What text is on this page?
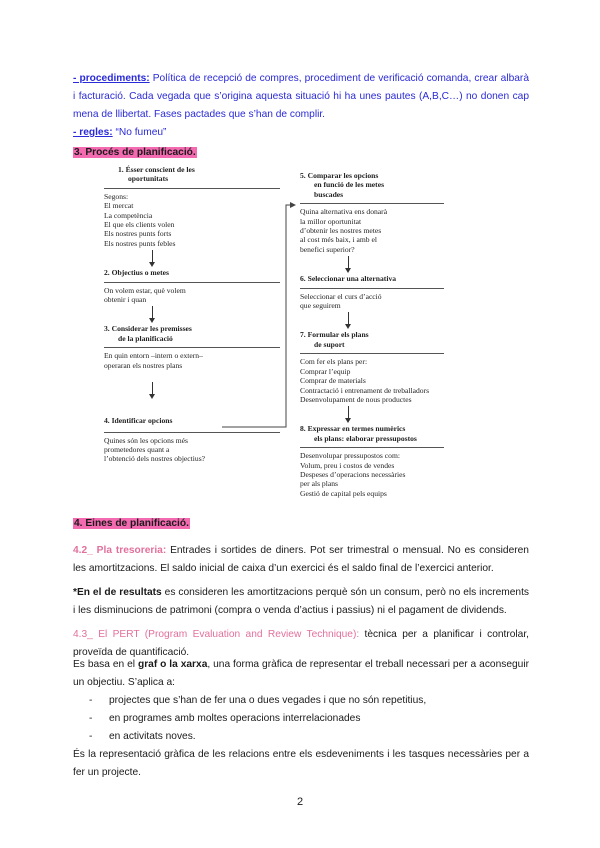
- procediments: Política de recepció de compres, procediment de verificació comanda, crear albarà i facturació. Cada vegada que s’origina aquesta situació hi ha unes pautes (A,B,C…) no donen cap mena de llibertat. Fases pactades que s’han de complir.
- regles: “No fumeu”
3. Procés de planificació.
1. Ésser conscient de les
oportunitats
Segons:
El mercat
La competència
El que els clients volen
Els nostres punts forts
Els nostres punts febles
2. Objectius o metes
On volem estar, què volem
obtenir i quan
3. Considerar les premisses
de la planificació
En quin entorn –intern o extern–
operaran els nostres plans
4. Identificar opcions
Quines són les opcions més
prometedores quant a
l’obtenció dels nostres objectius?
5. Comparar les opcions
en funció de les metes
buscades
Quina alternativa ens donarà
la millor oportunitat
d’obtenir les nostres metes
al cost més baix, i amb el
benefici superior?
6. Seleccionar una alternativa
Seleccionar el curs d’acció
que seguirem
7. Formular els plans
de suport
Com fer els plans per:
Comprar l’equip
Comprar de materials
Contractació i entrenament de treballadors
Desenvolupament de nous productes
8. Expressar en termes numèrics
els plans: elaborar pressupostos
Desenvolupar pressupostos com:
Volum, preu i costos de vendes
Despeses d’operacions necessàries
per als plans
Gestió de capital pels equips
4. Eines de planificació.
4.2_ Pla tresoreria: Entrades i sortides de diners. Pot ser trimestral o mensual. No es consideren les amortitzacions. El saldo inicial de caixa d’un exercici és el saldo final de l’exercici anterior.
*En el de resultats es consideren les amortitzacions perquè són un consum, però no els increments i les disminucions de patrimoni (compra o venda d’actius i passius) ni el pagament de dividends.
4.3_ El PERT (Program Evaluation and Review Technique): tècnica per a planificar i controlar, proveïda de quantificació.
Es basa en el graf o la xarxa, una forma gràfica de representar el treball necessari per a aconseguir un objectiu. S’aplica a:
- projectes que s’han de fer una o dues vegades i que no són repetitius,
- en programes amb moltes operacions interrelacionades
- en activitats noves.
És la representació gràfica de les relacions entre els esdeveniments i les tasques necessàries per a fer un projecte.
2
